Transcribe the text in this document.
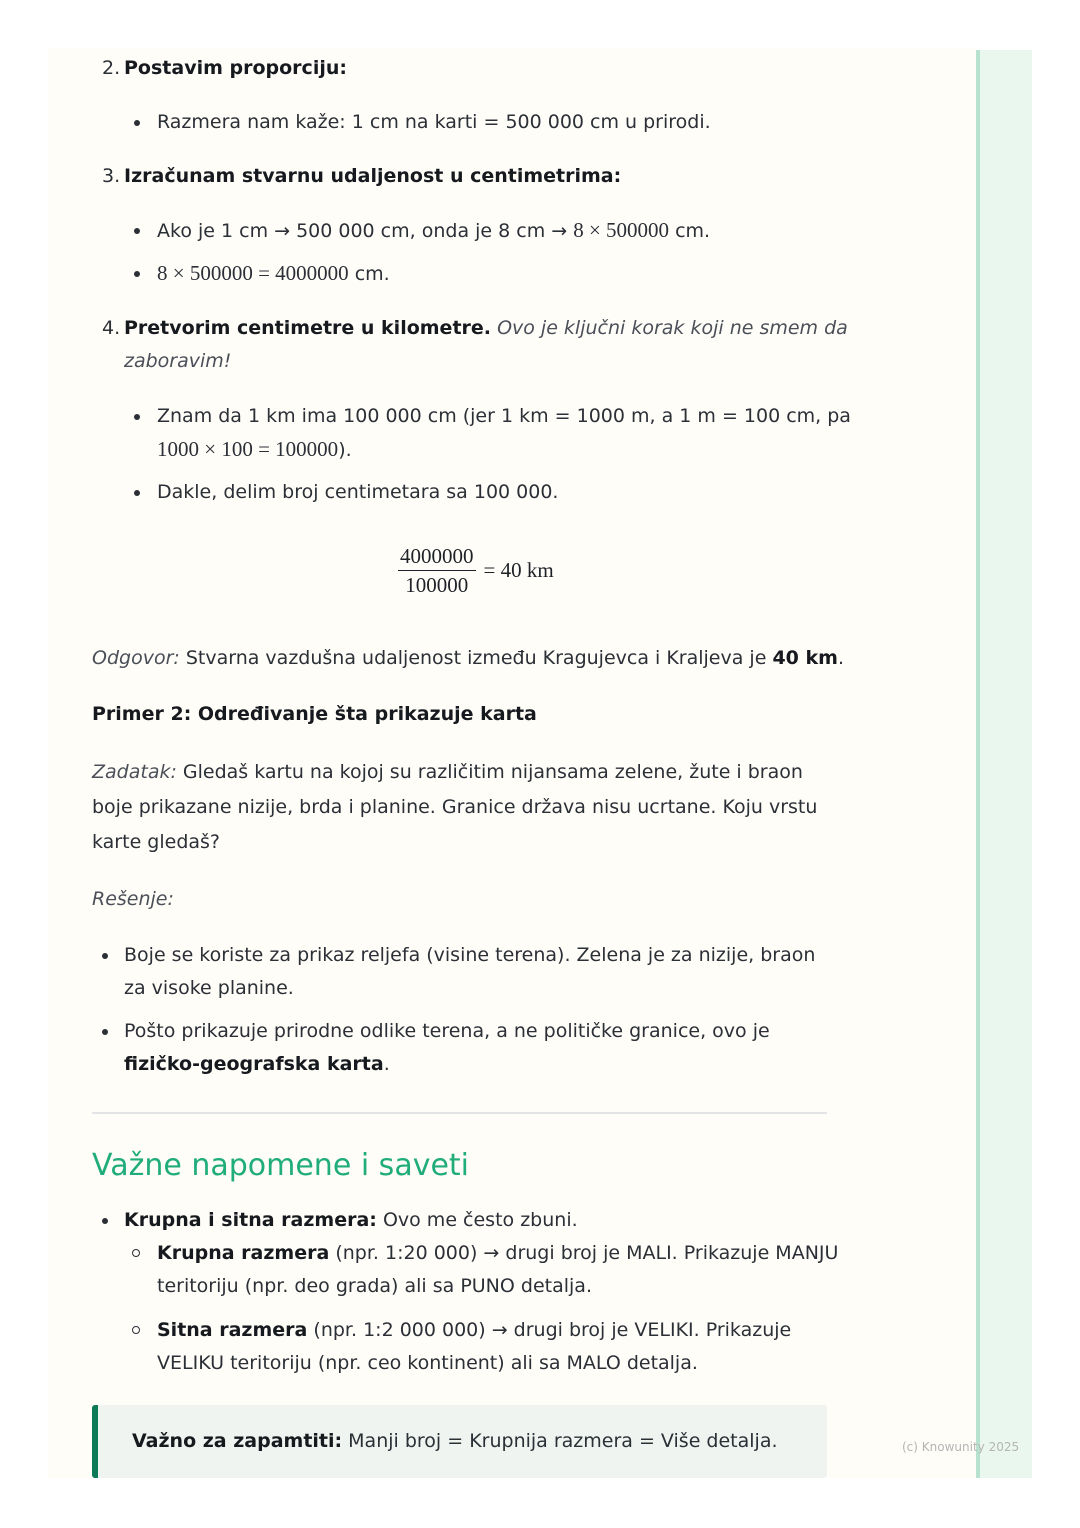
(c) Knowunity 2025
2. Postavim proporciju:
Razmera nam kaže: 1 cm na karti = 500 000 cm u prirodi.
3. Izračunam stvarnu udaljenost u centimetrima:
Ako je 1 cm → 500 000 cm, onda je 8 cm → 8 × 500000 cm.
8 × 500000 = 4000000 cm.
4. Pretvorim centimetre u kilometre. Ovo je ključni korak koji ne smem da
zaboravim!
Znam da 1 km ima 100 000 cm (jer 1 km = 1000 m, a 1 m = 100 cm, pa
1000 × 100 = 100000).
Dakle, delim broj centimetara sa 100 000.
$\frac{4000000}{100000} = 40$ km
Odgovor: Stvarna vazdušna udaljenost između Kragujevca i Kraljeva je 40 km.
Primer 2: Određivanje šta prikazuje karta
Zadatak: Gledaš kartu na kojoj su različitim nijansama zelene, žute i braon
boje prikazane nizije, brda i planine. Granice država nisu ucrtane. Koju vrstu
karte gledaš?
Rešenje:
Boje se koriste za prikaz reljefa (visine terena). Zelena je za nizije, braon
za visoke planine.
Pošto prikazuje prirodne odlike terena, a ne političke granice, ovo je
fizičko-geografska karta.
Važne napomene i saveti
Krupna i sitna razmera: Ovo me često zbuni.
Krupna razmera (npr. 1:20 000) → drugi broj je MALI. Prikazuje MANJU
teritoriju (npr. deo grada) ali sa PUNO detalja.
Sitna razmera (npr. 1:2 000 000) → drugi broj je VELIKI. Prikazuje
VELIKU teritoriju (npr. ceo kontinent) ali sa MALO detalja.
Važno za zapamtiti: Manji broj = Krupnija razmera = Više detalja.
